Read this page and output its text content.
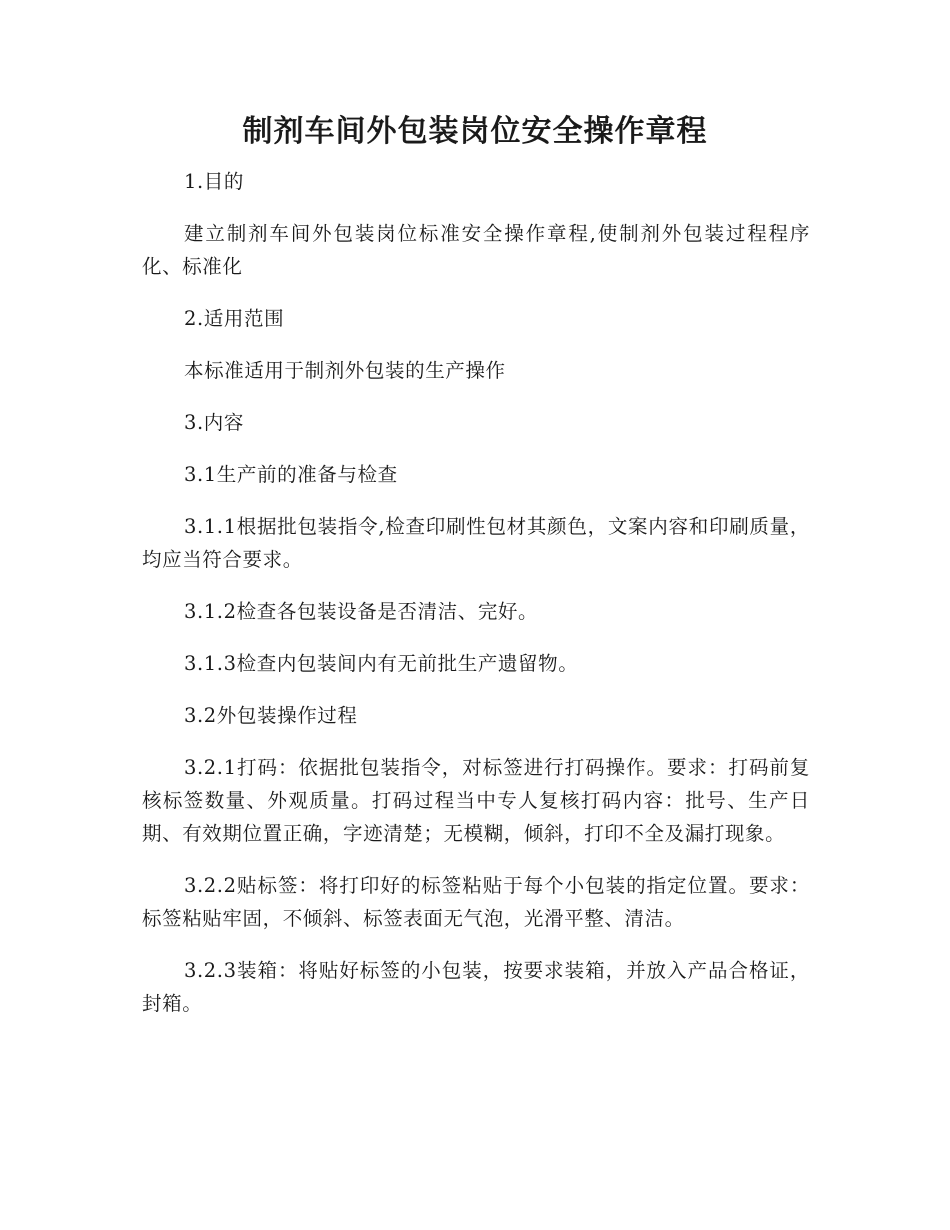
制剂车间外包装岗位安全操作章程

1.目的

建立制剂车间外包装岗位标准安全操作章程,使制剂外包装过程程序化、标准化

2.适用范围

本标准适用于制剂外包装的生产操作

3.内容

3.1生产前的准备与检查

3.1.1根据批包装指令,检查印刷性包材其颜色，文案内容和印刷质量，均应当符合要求。

3.1.2检查各包装设备是否清洁、完好。

3.1.3检查内包装间内有无前批生产遗留物。

3.2外包装操作过程

3.2.1打码：依据批包装指令，对标签进行打码操作。要求：打码前复核标签数量、外观质量。打码过程当中专人复核打码内容：批号、生产日期、有效期位置正确，字迹清楚；无模糊，倾斜，打印不全及漏打现象。

3.2.2贴标签：将打印好的标签粘贴于每个小包装的指定位置。要求：标签粘贴牢固，不倾斜、标签表面无气泡，光滑平整、清洁。

3.2.3装箱：将贴好标签的小包装，按要求装箱，并放入产品合格证，封箱。
